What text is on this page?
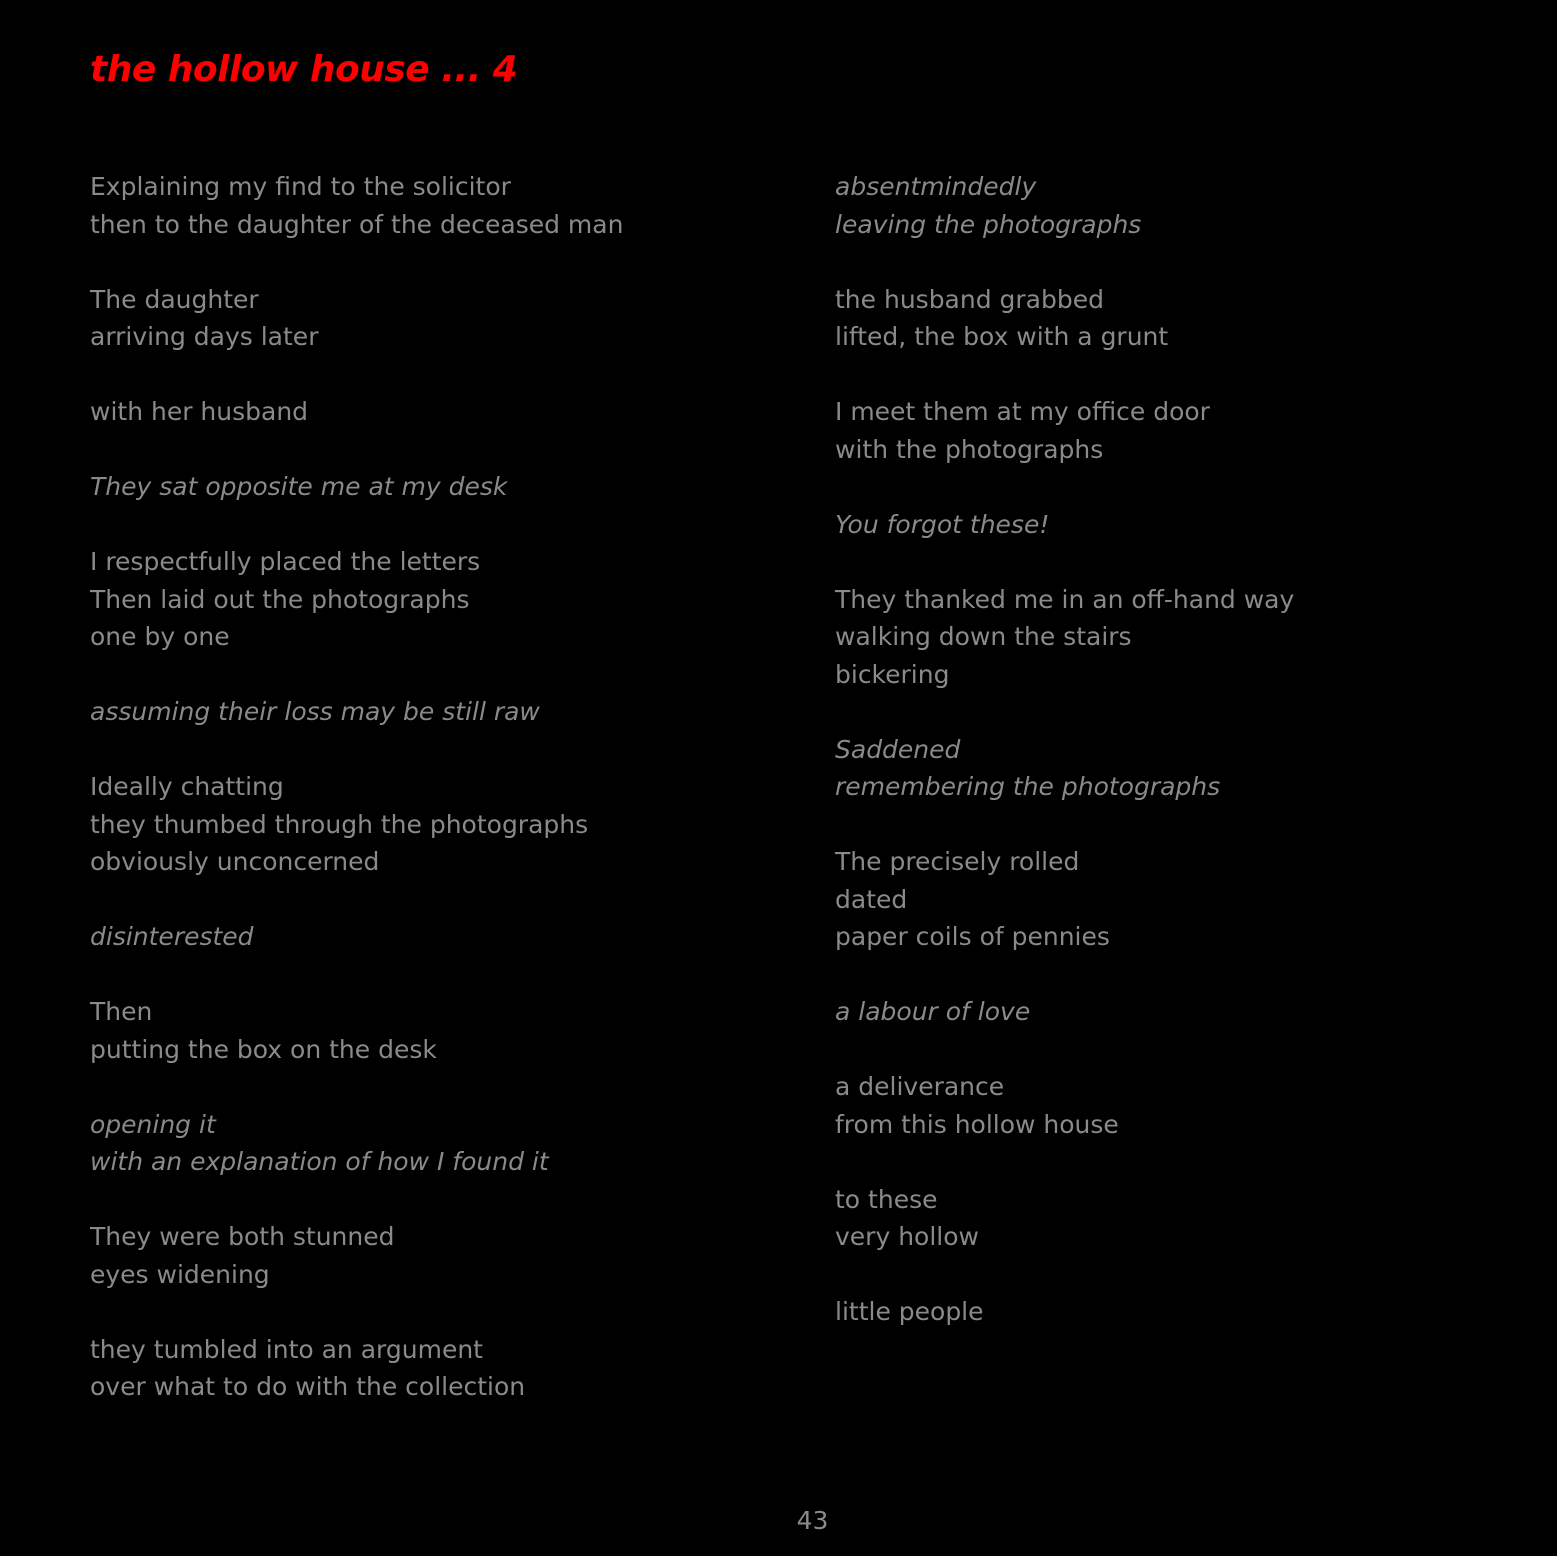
the hollow house ... 4
Explaining my find to the solicitor
then to the daughter of the deceased man
The daughter
arriving days later
with her husband
They sat opposite me at my desk
I respectfully placed the letters
Then laid out the photographs
one by one
assuming their loss may be still raw
Ideally chatting
they thumbed through the photographs
obviously unconcerned
disinterested
Then
putting the box on the desk
opening it
with an explanation of how I found it
They were both stunned
eyes widening
they tumbled into an argument
over what to do with the collection
absentmindedly
leaving the photographs
the husband grabbed
lifted, the box with a grunt
I meet them at my office door
with the photographs
You forgot these!
They thanked me in an off-hand way
walking down the stairs
bickering
Saddened
remembering the photographs
The precisely rolled
dated
paper coils of pennies
a labour of love
a deliverance
from this hollow house
to these
very hollow
little people
43
